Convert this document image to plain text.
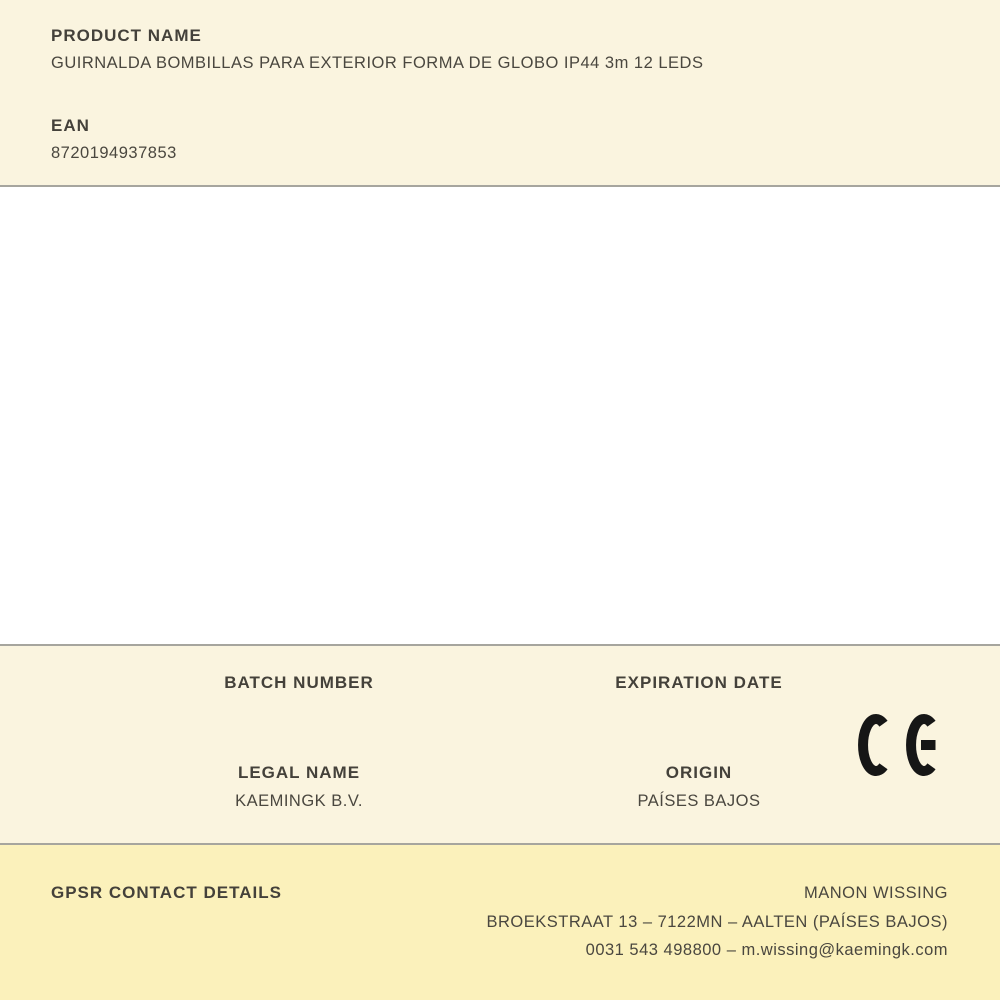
PRODUCT NAME
GUIRNALDA BOMBILLAS PARA EXTERIOR FORMA DE GLOBO IP44 3m 12 LEDS
EAN
8720194937853
BATCH NUMBER	EXPIRATION DATE
LEGAL NAME
KAEMINGK B.V.
ORIGIN
PAÍSES BAJOS
GPSR CONTACT DETAILS	MANON WISSING
BROEKSTRAAT 13 – 7122MN – AALTEN (PAÍSES BAJOS)
0031 543 498800 – m.wissing@kaemingk.com
